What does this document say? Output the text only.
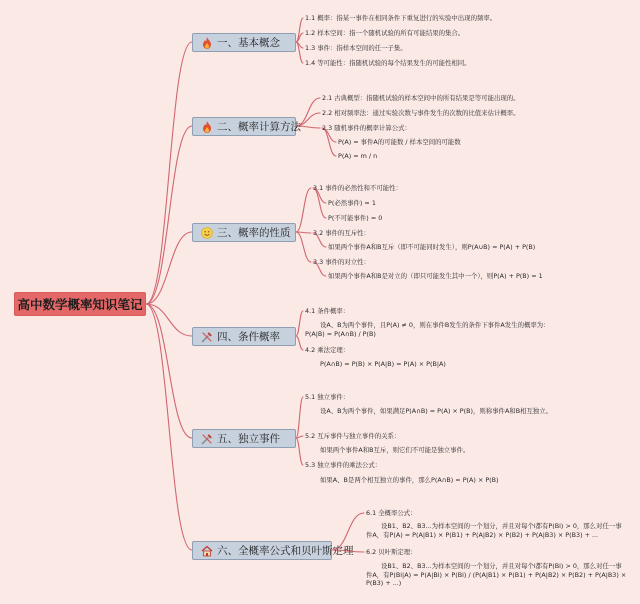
高中数学概率知识笔记
一、基本概念
二、概率计算方法
三、概率的性质
四、条件概率
五、独立事件
六、全概率公式和贝叶斯定理
1.1 概率：指某一事件在相同条件下重复进行的实验中出现的频率。
1.2 样本空间：指一个随机试验的所有可能结果的集合。
1.3 事件：指样本空间的任一子集。
1.4 等可能性：指随机试验的每个结果发生的可能性相同。
2.1 古典概型：指随机试验的样本空间中的所有结果是等可能出现的。
2.2 相对频率法：通过实验次数与事件发生的次数的比值来估计概率。
2.3 随机事件的概率计算公式：
P(A) = 事件A的可能数 / 样本空间的可能数
P(A) = m / n
3.1 事件的必然性和不可能性：
P(必然事件) = 1
P(不可能事件) = 0
3.2 事件的互斥性：
如果两个事件A和B互斥（即不可能同时发生），则P(A∪B) = P(A) + P(B)
3.3 事件的对立性：
如果两个事件A和B是对立的（即只可能发生其中一个），则P(A) + P(B) = 1
4.1 条件概率：
设A、B为两个事件，且P(A) ≠ 0，则在事件B发生的条件下事件A发生的概率为：P(A|B) = P(A∩B) / P(B)
4.2 乘法定理：
P(A∩B) = P(B) × P(A|B) = P(A) × P(B|A)
5.1 独立事件：
设A、B为两个事件，如果满足P(A∩B) = P(A) × P(B)，则称事件A和B相互独立。
5.2 互斥事件与独立事件的关系：
如果两个事件A和B互斥，则它们不可能是独立事件。
5.3 独立事件的乘法公式：
如果A、B是两个相互独立的事件，那么P(A∩B) = P(A) × P(B)
6.1 全概率公式：
设B1、B2、B3...为样本空间的一个划分，并且对每个i都有P(Bi) > 0，那么对任一事件A，有P(A) = P(A|B1) × P(B1) + P(A|B2) × P(B2) + P(A|B3) × P(B3) + ...
6.2 贝叶斯定理：
设B1、B2、B3...为样本空间的一个划分，并且对每个i都有P(Bi) > 0，那么对任一事件A，有P(Bi|A) = P(A|Bi) × P(Bi) / (P(A|B1) × P(B1) + P(A|B2) × P(B2) + P(A|B3) × P(B3) + ...)
